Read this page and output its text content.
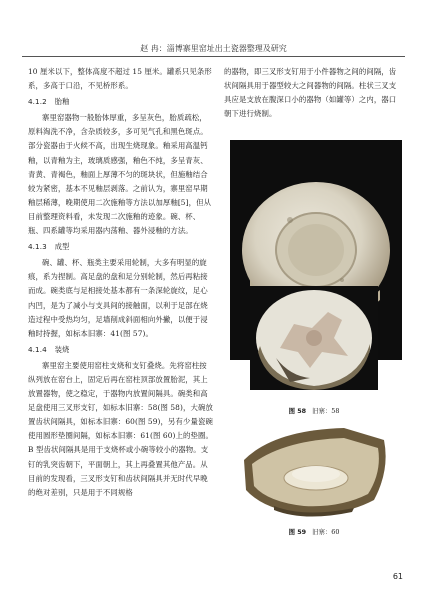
赵 冉：淄博寨里窑址出土瓷器整理及研究

10 厘米以下，整体高度不超过 15 厘米。罐系只见条形系，多高于口沿，不见桥形系。

4.1.2 胎釉

寨里窑器物一般胎体厚重，多呈灰色，胎质疏松，原料淘洗不净，含杂质较多，多可见气孔和黑色斑点。部分瓷器由于火候不高，出现生烧现象。釉采用高温钙釉，以青釉为主，玻璃质感强，釉色不纯，多呈青灰、青黄、青褐色，釉面上厚薄不匀的斑块状，但施釉结合较为紧密，基本不见釉层剥落。之前认为，寨里窑早期釉层稀薄，晚期使用二次施釉等方法以加厚釉[5]，但从目前整理资料看，未发现二次施釉的迹象。碗、杯、瓶、四系罐等均采用器内荡釉、器外浸釉的方法。

4.1.3 成型

碗、罐、杯、瓶类主要采用轮制，大多有明显的旋痕，系为捏制。高足盘的盘和足分别轮制，然后再粘接而成。碗类底与足相接处基本都有一条深轮旋纹，足心内凹，是为了减小与支具间的接触面，以利于足部在烧造过程中受热均匀，足墙削成斜面相向外撇，以便于浸釉时持握，如标本旧寨：41(图 57)。

4.1.4 装烧

寨里窑主要使用窑柱支烧和支钉叠烧。先将窑柱按纵列放在窑台上，固定后再在窑柱顶部放置胎泥，其上放置器物，使之稳定，于器物内放置间隔具。碗类和高足盘使用三叉形支钉，如标本旧寨：58(图 58)，大碗放置齿状间隔具，如标本旧寨：60(图 59)，另有少量瓷碗使用圆形垫圈间隔，如标本旧寨：61(图 60)上的垫圈。B 型齿状间隔具是用于支烧杯或小碗等较小的器物。支钉的乳突齿朝下，平面朝上，其上再叠置其他产品。从目前的发现看，三叉形支钉和齿状间隔具并无时代早晚的绝对差别，只是用于不同规格

的器物，即三叉形支钉用于小件器物之间的间隔，齿状间隔具用于器型较大之间器物的间隔。柱状三叉支具应是支放在腹深口小的器物（如罐等）之内，器口朝下进行烧制。

图 58 旧寨：58
图 59 旧寨：60
61
